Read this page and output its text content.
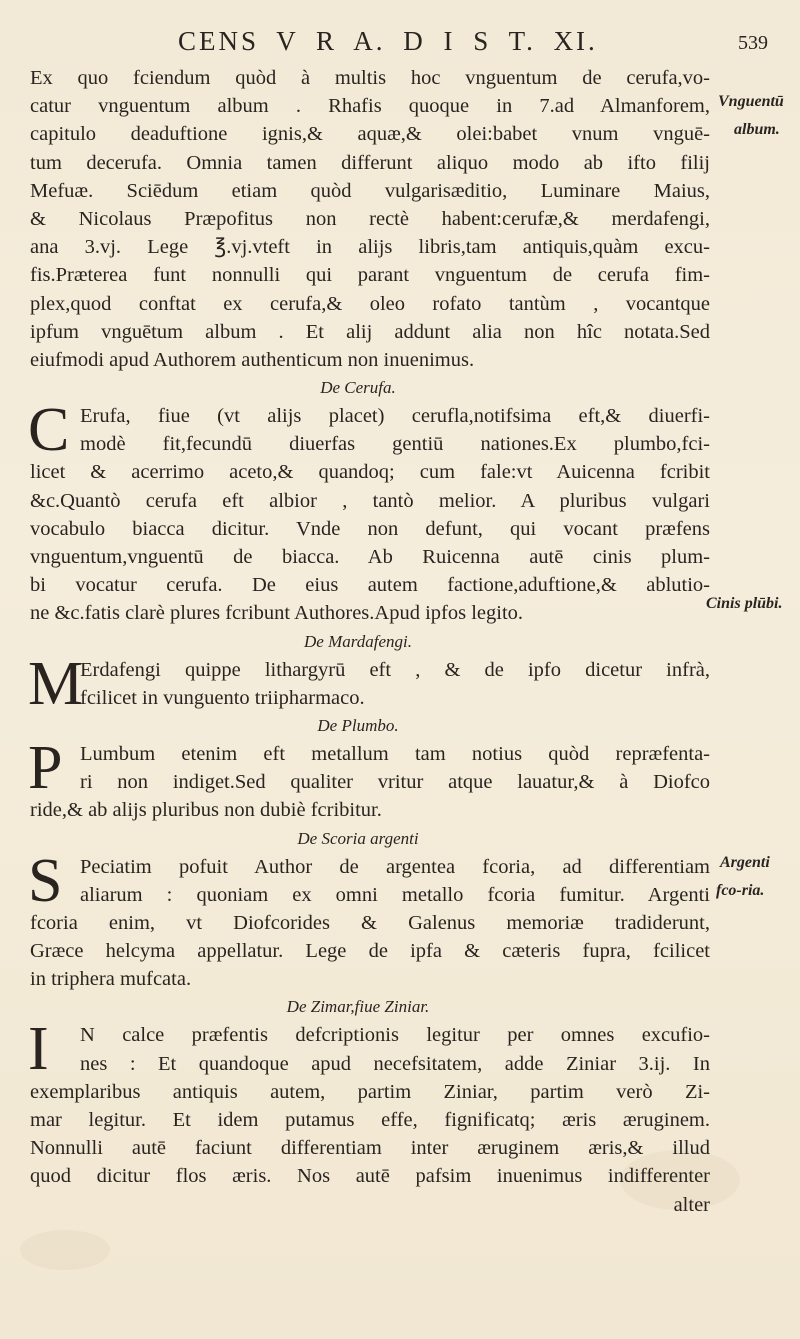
CENS V R A. D I S T. XI.	539
Ex quo fciendum quòd à multis hoc vnguentum de cerufa,vo-
catur vnguentum album . Rhafis quoque in 7.ad Almanforem,
capitulo deaduftione ignis,& aquæ,& olei:babet vnum vnguē-
tum decerufa. Omnia tamen differunt aliquo modo ab ifto filij
Mefuæ. Sciēdum etiam quòd vulgarisæditio, Luminare Maius,
& Nicolaus Præpofitus non rectè habent:cerufæ,& merdafengi,
ana 3.vj. Lege ℥.vj.vteft in alijs libris,tam antiquis,quàm excu-
fis.Præterea funt nonnulli qui parant vnguentum de cerufa fim-
plex,quod conftat ex cerufa,& oleo rofato tantùm , vocantque
ipfum vnguētum album . Et alij addunt alia non hîc notata.Sed
eiufmodi apud Authorem authenticum non inuenimus.
De Cerufa.
C Erufa, fiue (vt alijs placet) cerufla,notifsima eft,& diuerfi-
modè fit,fecundū diuerfas gentiū nationes.Ex plumbo,fci-
licet & acerrimo aceto,& quandoq; cum fale:vt Auicenna fcribit
&c.Quantò cerufa eft albior , tantò melior. A pluribus vulgari
vocabulo biacca dicitur. Vnde non defunt, qui vocant præfens
vnguentum,vnguentū de biacca. Ab Ruicenna autē cinis plum-
bi vocatur cerufa. De eius autem factione,aduftione,& ablutio-
ne &c.fatis clarè plures fcribunt Authores.Apud ipfos legito.
De Mardafengi.
M
Erdafengi quippe lithargyrū eft , & de ipfo dicetur infrà,
fcilicet in vunguento triipharmaco.
De Plumbo.
P Lumbum etenim eft metallum tam notius quòd repræfenta-
ri non indiget.Sed qualiter vritur atque lauatur,& à Diofco
ride,& ab alijs pluribus non dubiè fcribitur.
De Scoria argenti
S Peciatim pofuit Author de argentea fcoria, ad differentiam
aliarum : quoniam ex omni metallo fcoria fumitur. Argenti
fcoria enim, vt Diofcorides & Galenus memoriæ tradiderunt,
Græce helcyma appellatur. Lege de ipfa & cæteris fupra, fcilicet
in triphera mufcata.
De Zimar,fiue Ziniar.
I	N calce præfentis defcriptionis legitur per omnes excufio-
nes : Et quandoque apud necefsitatem, adde Ziniar 3.ij. In
exemplaribus antiquis autem, partim Ziniar, partim verò Zi-
mar legitur. Et idem putamus effe, fignificatq; æris æruginem.
Nonnulli autē faciunt differentiam inter æruginem æris,& illud
quod dicitur flos æris. Nos autē pafsim inuenimus indifferenter
alter
Vnguentū
album.
Cinis plūbi.
Argenti
fco-ria.
